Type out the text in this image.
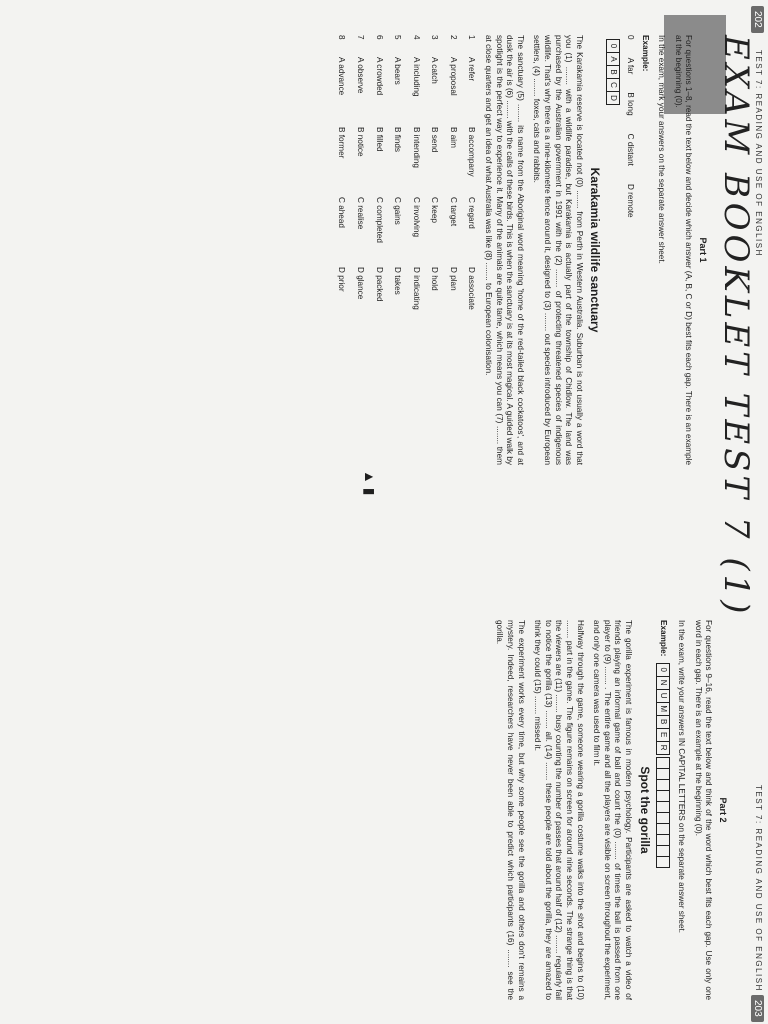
202
TEST 7: READING AND USE OF ENGLISH
TEST 7: READING AND USE OF ENGLISH
203
EXAM BOOKLET TEST 7 (1)
Part 1

For questions 1–8, read the text below and decide which answer (A, B, C or D) best fits each gap. There is an example at the beginning (0).

In the exam, mark your answers on the separate answer sheet.

Example:
0
A far
B long
C distant
D remote
0
A
B
C
D
Karakamia wildlife sanctuary

The Karakamia reserve is located not (0) ........ from Perth in Western Australia. Suburban is not usually a word that you (1) ........ with a wildlife paradise, but Karakamia is actually part of the township of Chidlow. The land was purchased by the Australian government in 1991 with the (2) ........ of protecting threatened species of indigenous wildlife. That's why there is a nine-kilometre fence around it, designed to (3) ........ out species introduced by European settlers, (4) ........ foxes, cats and rabbits.

The sanctuary (5) ........ its name from the Aboriginal word meaning 'home of the red-tailed black cockatoos', and at dusk the air is (6) ........ with the calls of these birds. This is when the sanctuary is at its most magical. A guided walk by spotlight is the perfect way to experience it. Many of the animals are quite tame, which means you can (7) ........ them at close quarters and get an idea of what Australia was like (8) ........ to European colonisation.

1
A refer
B accompany
C regard
D associate
2
A proposal
B aim
C target
D plan
3
A catch
B send
C keep
D hold
4
A including
B intending
C involving
D indicating
5
A bears
B finds
C gains
D takes
6
A crowded
B filled
C completed
D packed
7
A observe
B notice
C realise
D glance
8
A advance
B former
C ahead
D prior
▲ ▮
Part 2

For questions 9–16, read the text below and think of the word which best fits each gap. Use only one word in each gap. There is an example at the beginning (0).

In the exam, write your answers IN CAPITAL LETTERS on the separate answer sheet.

Example:
0
N
U
M
B
E
R

Spot the gorilla

The gorilla experiment is famous in modern psychology. Participants are asked to watch a video of friends playing an informal game of ball and count the (0) ........ of times the ball is passed from one player to (9) ........ . The entire game and all the players are visible on screen throughout the experiment, and only one camera was used to film it.

Halfway through the game, someone wearing a gorilla costume walks into the shot and begins to (10) ........ part in the game. The figure remains on screen for around nine seconds. The strange thing is that the viewers are (11) ........ busy counting the number of passes that around half of (12) ........ regularly fail to notice the gorilla (13) ........ all. (14) ........ these people are told about the gorilla, they are amazed to think they could (15) ........ missed it.

The experiment works every time, but why some people see the gorilla and others don't remains a mystery. Indeed, researchers have never been able to predict which participants (16) ........ see the gorilla.
